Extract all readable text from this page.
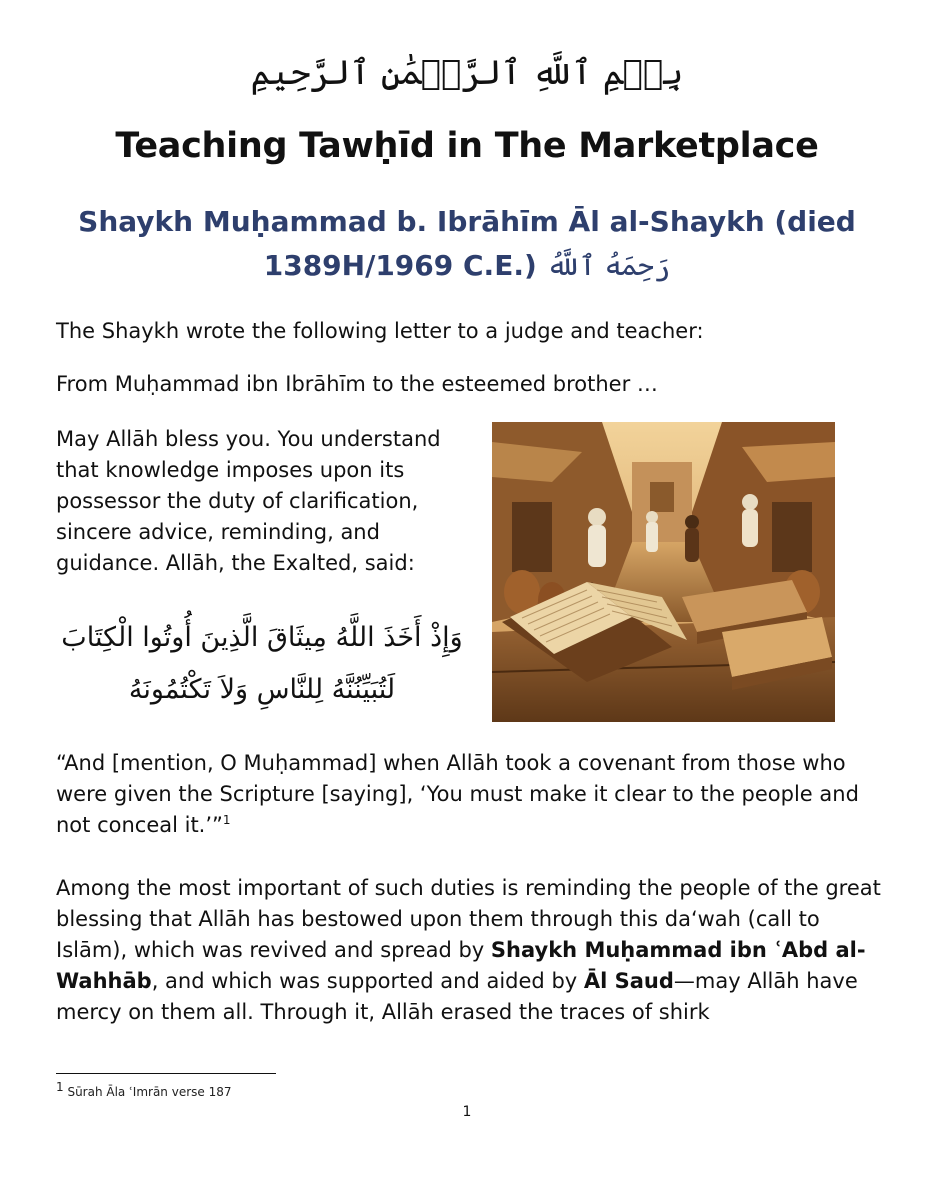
بِسۡمِ ٱللَّهِ ٱلرَّحۡمَٰنِ ٱلرَّحِيمِ
Teaching Tawḥīd in The Marketplace
Shaykh Muḥammad b. Ibrāhīm Āl al-Shaykh (died 1389H/1969 C.E.) رَحِمَهُ ٱللَّهُ
The Shaykh wrote the following letter to a judge and teacher:
From Muḥammad ibn Ibrāhīm to the esteemed brother …
May Allāh bless you. You understand that knowledge imposes upon its possessor the duty of clarification, sincere advice, reminding, and guidance. Allāh, the Exalted, said:
وَإِذْ أَخَذَ اللَّهُ مِيثَاقَ الَّذِينَ أُوتُوا الْكِتَابَ
لَتُبَيِّنُنَّهُ لِلنَّاسِ وَلاَ تَكْتُمُونَهُ
“And [mention, O Muḥammad] when Allāh took a covenant from those who were given the Scripture [saying], ‘You must make it clear to the people and not conceal it.’”$^1$
Among the most important of such duties is reminding the people of the great blessing that Allāh has bestowed upon them through this da‘wah (call to Islām), which was revived and spread by Shaykh Muḥammad ibn ʿAbd al-Wahhāb, and which was supported and aided by Āl Saud—may Allāh have mercy on them all. Through it, Allāh erased the traces of shirk
$^1$ Sūrah Āla ʿImrān verse 187
1
